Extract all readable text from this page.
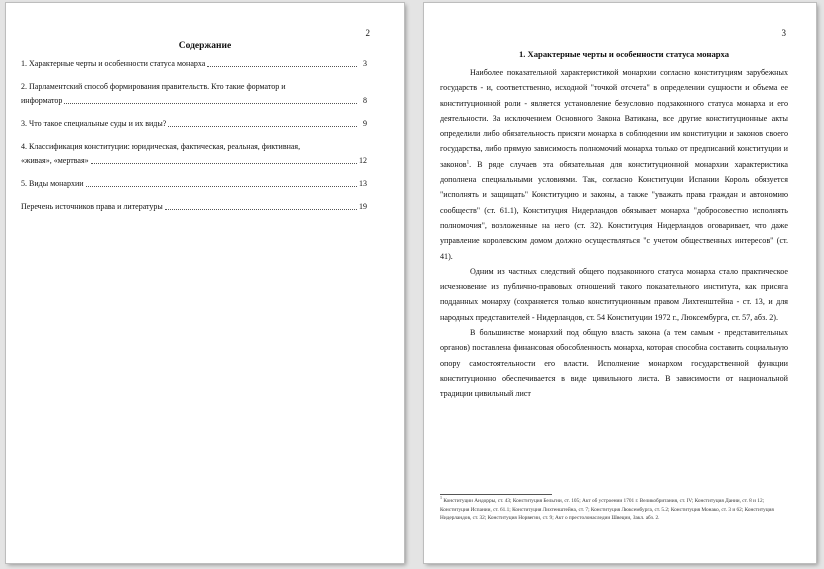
2
Содержание
1. Характерные черты и особенности статуса монарха	3
2. Парламентский способ формирования правительств. Кто такие форматор и
информатор	8
3. Что такое специальные суды и их виды?	9
4. Классификация конституции: юридическая, фактическая, реальная, фиктивная,
«живая», «мертвая»	12
5. Виды монархии	13
Перечень источников права и литературы	19
3
1. Характерные черты и особенности статуса монарха

Наиболее показательной характеристикой монархии согласно конституциям зарубежных государств - и, соответственно, исходной "точкой отсчета" в определении сущности и объема ее конституционной роли - является установление безусловно подзаконного статуса монарха и его деятельности. За исключением Основного Закона Ватикана, все другие конституционные акты определили либо обязательность присяги монарха в соблюдении им конституции и законов своего государства, либо прямую зависимость полномочий монарха только от предписаний конституции и законов$^1$. В ряде случаев эта обязательная для конституционной монархии характеристика дополнена специальными условиями. Так, согласно Конституции Испании Король обязуется "исполнять и защищать" Конституцию и законы, а также "уважать права граждан и автономию сообществ" (ст. 61.1), Конституция Нидерландов обязывает монарха "добросовестно исполнять полномочия", возложенные на него (ст. 32). Конституция Нидерландов оговаривает, что даже управление королевским домом должно осуществляться "с учетом общественных интересов" (ст. 41).

Одним из частных следствий общего подзаконного статуса монарха стало практическое исчезновение из публично-правовых отношений такого показательного института, как присяга подданных монарху (сохраняется только конституционным правом Лихтенштейна - ст. 13, и для народных представителей - Нидерландов, ст. 54 Конституции 1972 г., Люксембурга, ст. 57, абз. 2).

В большинстве монархий под общую власть закона (а тем самым - представительных органов) поставлена финансовая обособленность монарха, которая способна составить социальную опору самостоятельности его власти. Исполнение монархом государственной функции конституционно обеспечивается в виде цивильного листа. В зависимости от национальной традиции цивильный лист

$^1$ Конституции Андорры, ст. 43; Конституция Бельгии, ст. 105; Акт об устроении 1701 г. Великобритания, ст. IV; Конституция Дании, ст. 8 и 12; Конституция Испании, ст. 61.1; Конституция Лихтенштейна, ст. 7; Конституция Люксембурга, ст. 5.2; Конституция Монако, ст. 3 и 62; Конституция Нидерландов, ст. 32; Конституция Норвегии, ст. 9; Акт о престолонаследии Швеции, Закл. абз. 2.
